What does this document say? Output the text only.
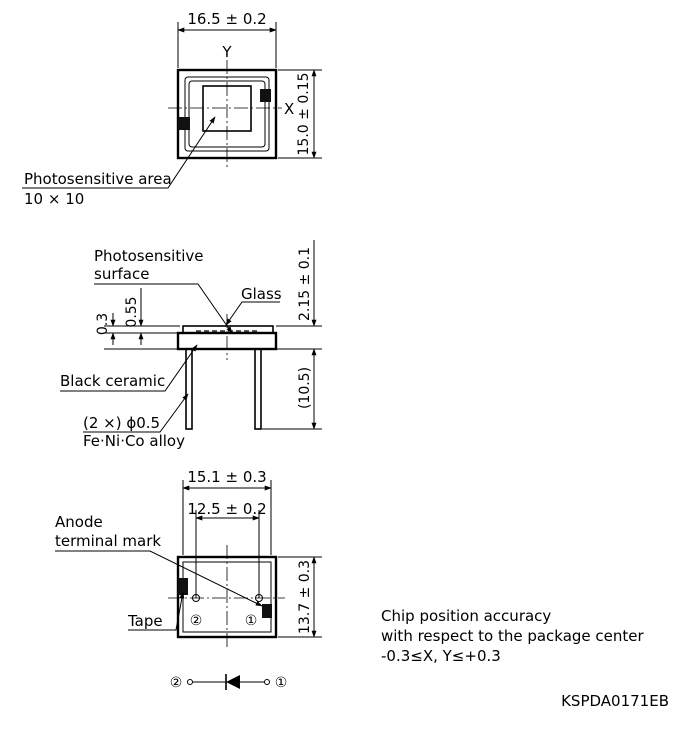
16.5 ± 0.2
Y
X 15.0 ± 0.15
Photosensitive area
10 × 10
Photosensitive
surface
Glass
0.55
0.3
2.15 ± 0.1
(10.5)
Black ceramic
(2 ×) ϕ0.5
Fe·Ni·Co alloy
15.1 ± 0.3
12.5 ± 0.2
②	①	13.7 ± 0.3
Anode
terminal mark
Tape
②	①
Chip position accuracy
with respect to the package center
-0.3≤X, Y≤+0.3
KSPDA0171EB
